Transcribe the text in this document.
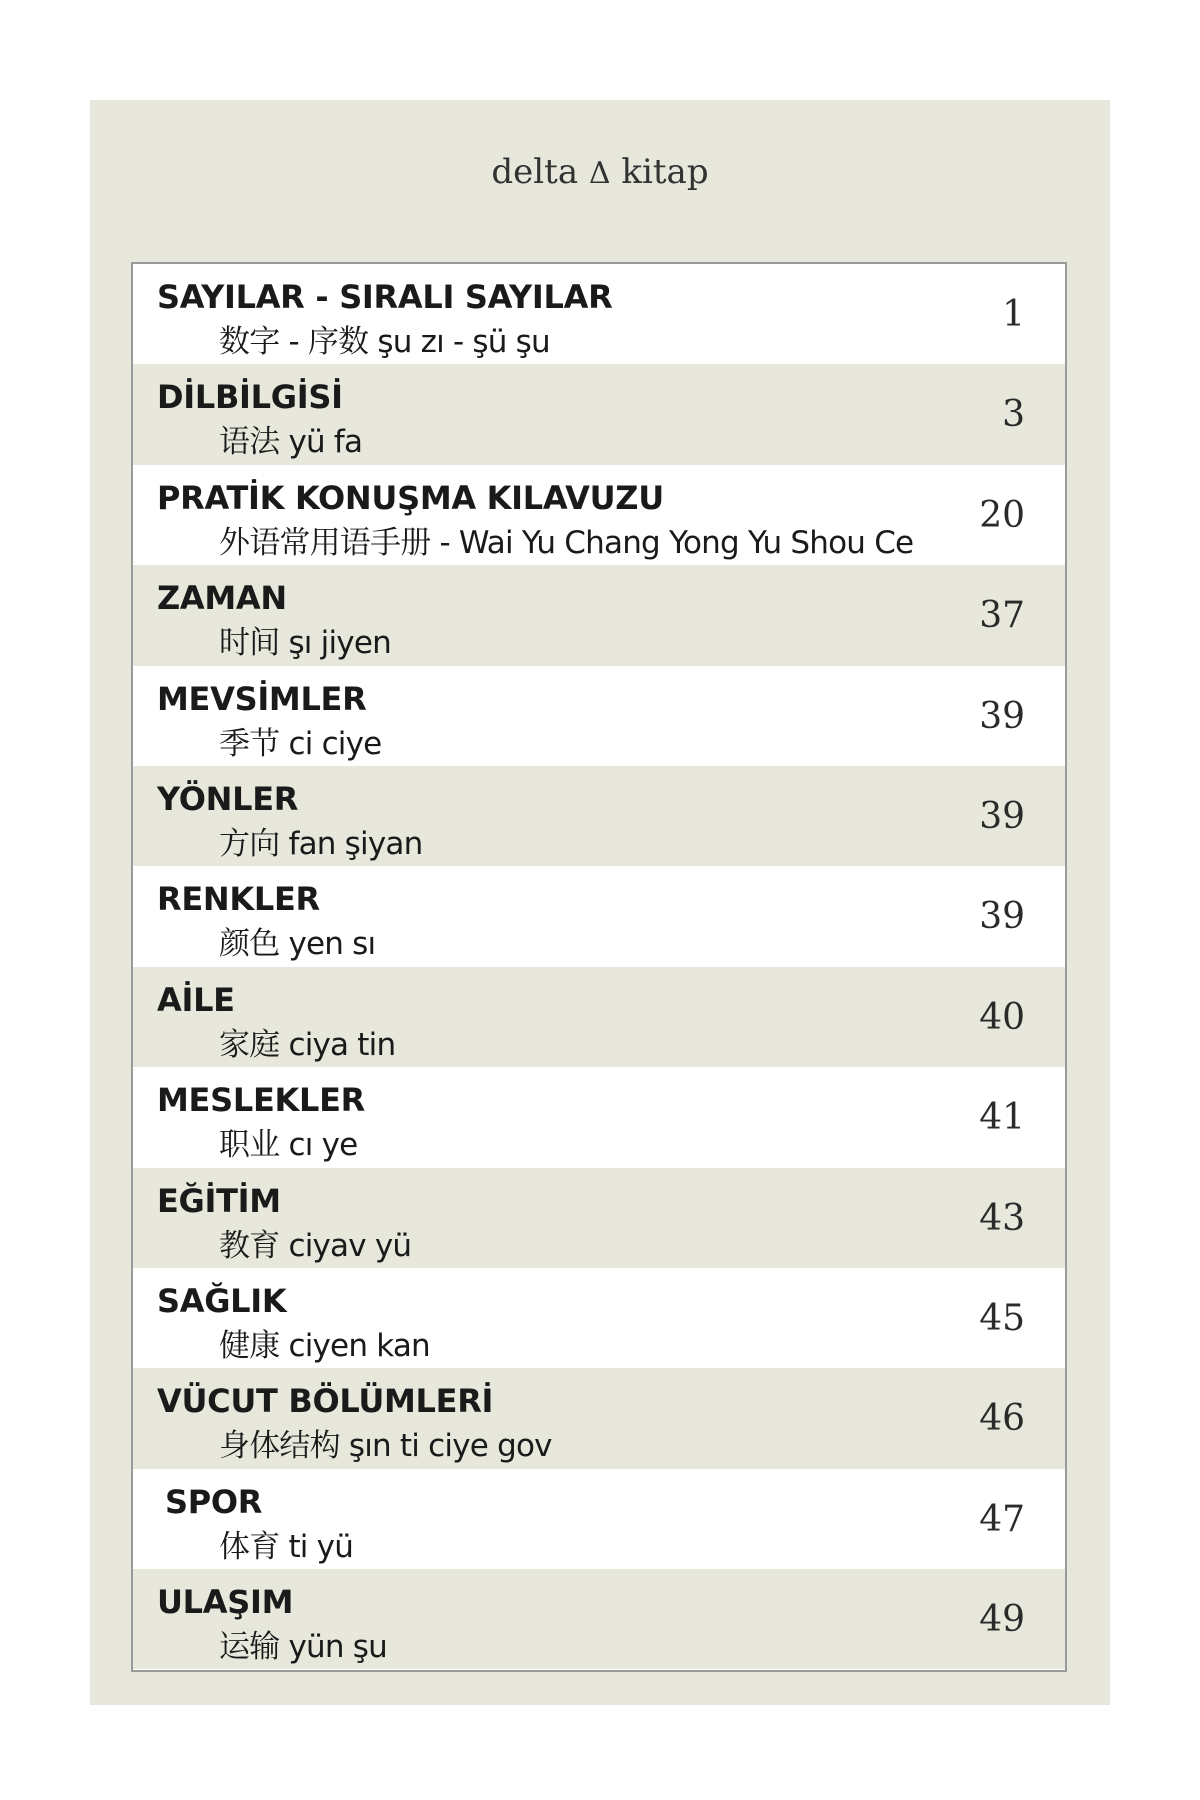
delta Δ kitap
SAYILAR - SIRALI SAYILAR
数字 - 序数 şu zı - şü şu
1
DİLBİLGİSİ
语法 yü fa
3
PRATİK KONUŞMA KILAVUZU
外语常用语手册 - Wai Yu Chang Yong Yu Shou Ce
20
ZAMAN
时间 şı jiyen
37
MEVSİMLER
季节 ci ciye
39
YÖNLER
方向 fan şiyan
39
RENKLER
颜色 yen sı
39
AİLE
家庭 ciya tin
40
MESLEKLER
职业 cı ye
41
EĞİTİM
教育 ciyav yü
43
SAĞLIK
健康 ciyen kan
45
VÜCUT BÖLÜMLERİ
身体结构 şın ti ciye gov
46
SPOR
体育 ti yü
47
ULAŞIM
运输 yün şu
49
